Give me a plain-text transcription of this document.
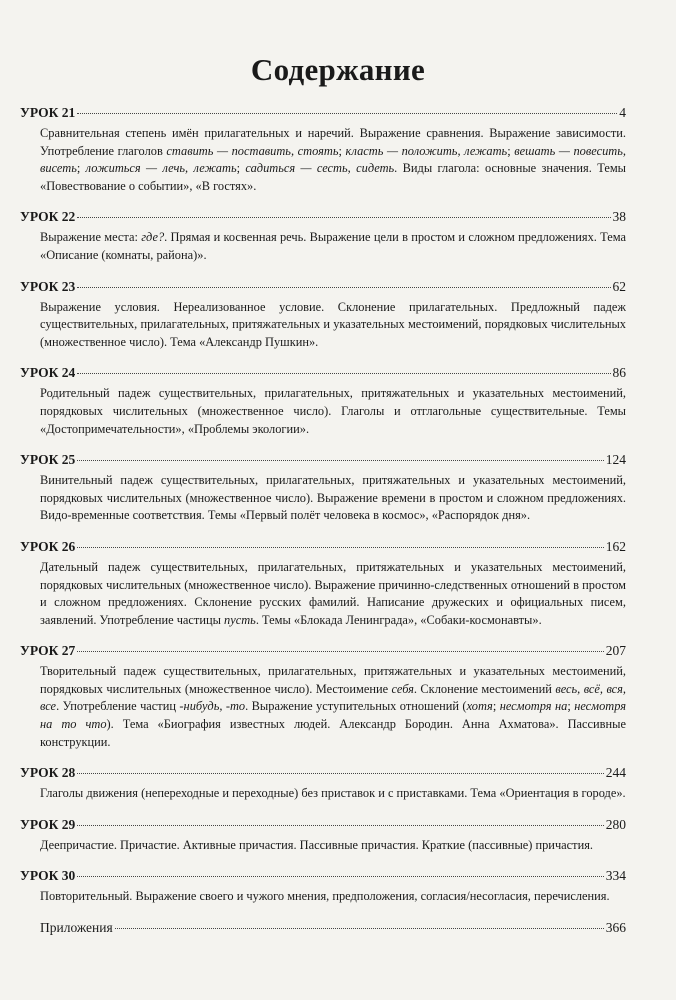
Содержание
УРОК 21	4

Сравнительная степень имён прилагательных и наречий. Выражение сравнения. Выражение зависимости. Употребление глаголов ставить — поставить, стоять; класть — положить, лежать; вешать — повесить, висеть; ложиться — лечь, лежать; садиться — сесть, сидеть. Виды глагола: основные значения. Темы «Повествование о событии», «В гостях».

УРОК 22	38

Выражение места: где?. Прямая и косвенная речь. Выражение цели в простом и сложном предложениях. Тема «Описание (комнаты, района)».

УРОК 23	62

Выражение условия. Нереализованное условие. Склонение прилагательных. Предложный падеж существительных, прилагательных, притяжательных и указательных местоимений, порядковых числительных (множественное число). Тема «Александр Пушкин».

УРОК 24	86

Родительный падеж существительных, прилагательных, притяжательных и указательных местоимений, порядковых числительных (множественное число). Глаголы и отглагольные существительные. Темы «Достопримечательности», «Проблемы экологии».

УРОК 25	124

Винительный падеж существительных, прилагательных, притяжательных и указательных местоимений, порядковых числительных (множественное число). Выражение времени в простом и сложном предложениях. Видо-временные соответствия. Темы «Первый полёт человека в космос», «Распорядок дня».

УРОК 26	162

Дательный падеж существительных, прилагательных, притяжательных и указательных местоимений, порядковых числительных (множественное число). Выражение причинно-следственных отношений в простом и сложном предложениях. Склонение русских фамилий. Написание дружеских и официальных писем, заявлений. Употребление частицы пусть. Темы «Блокада Ленинграда», «Собаки-космонавты».

УРОК 27	207

Творительный падеж существительных, прилагательных, притяжательных и указательных местоимений, порядковых числительных (множественное число). Местоимение себя. Склонение местоимений весь, всё, вся, все. Употребление частиц -нибудь, -то. Выражение уступительных отношений (хотя; несмотря на; несмотря на то что). Тема «Биография известных людей. Александр Бородин. Анна Ахматова». Пассивные конструкции.

УРОК 28	244

Глаголы движения (непереходные и переходные) без приставок и с приставками. Тема «Ориентация в городе».

УРОК 29	280

Деепричастие. Причастие. Активные причастия. Пассивные причастия. Краткие (пассивные) причастия.

УРОК 30	334

Повторительный. Выражение своего и чужого мнения, предположения, согласия/несогласия, перечисления.

Приложения	366
